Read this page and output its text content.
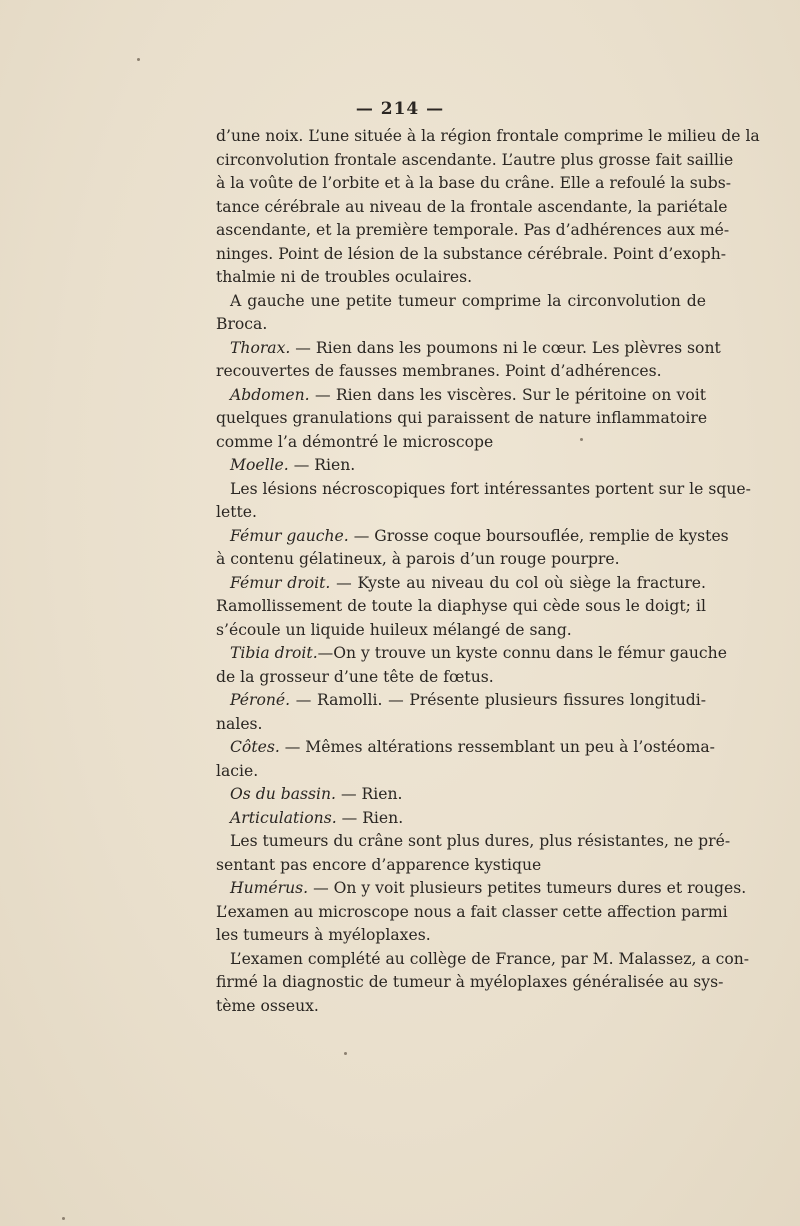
— 214 —
d’une noix. L’une située à la région frontale comprime le milieu de la
circonvolution frontale ascendante. L’autre plus grosse fait saillie
à la voûte de l’orbite et à la base du crâne. Elle a refoulé la subs-
tance cérébrale au niveau de la frontale ascendante, la pariétale
ascendante, et la première temporale. Pas d’adhérences aux mé-
ninges. Point de lésion de la substance cérébrale. Point d’exoph-
thalmie ni de troubles oculaires.
A gauche une petite tumeur comprime la circonvolution de
Broca.
Thorax. — Rien dans les poumons ni le cœur. Les plèvres sont
recouvertes de fausses membranes. Point d’adhérences.
Abdomen. — Rien dans les viscères. Sur le péritoine on voit
quelques granulations qui paraissent de nature inflammatoire
comme l’a démontré le microscope
Moelle. — Rien.
Les lésions nécroscopiques fort intéressantes portent sur le sque-
lette.
Fémur gauche. — Grosse coque boursouflée, remplie de kystes
à contenu gélatineux, à parois d’un rouge pourpre.
Fémur droit. — Kyste au niveau du col où siège la fracture.
Ramollissement de toute la diaphyse qui cède sous le doigt; il
s’écoule un liquide huileux mélangé de sang.
Tibia droit.—On y trouve un kyste connu dans le fémur gauche
de la grosseur d’une tête de fœtus.
Péroné. — Ramolli. — Présente plusieurs fissures longitudi-
nales.
Côtes. — Mêmes altérations ressemblant un peu à l’ostéoma-
lacie.
Os du bassin. — Rien.
Articulations. — Rien.
Les tumeurs du crâne sont plus dures, plus résistantes, ne pré-
sentant pas encore d’apparence kystique
Humérus. — On y voit plusieurs petites tumeurs dures et rouges.
L’examen au microscope nous a fait classer cette affection parmi
les tumeurs à myéloplaxes.
L’examen complété au collège de France, par M. Malassez, a con-
firmé la diagnostic de tumeur à myéloplaxes généralisée au sys-
tème osseux.
